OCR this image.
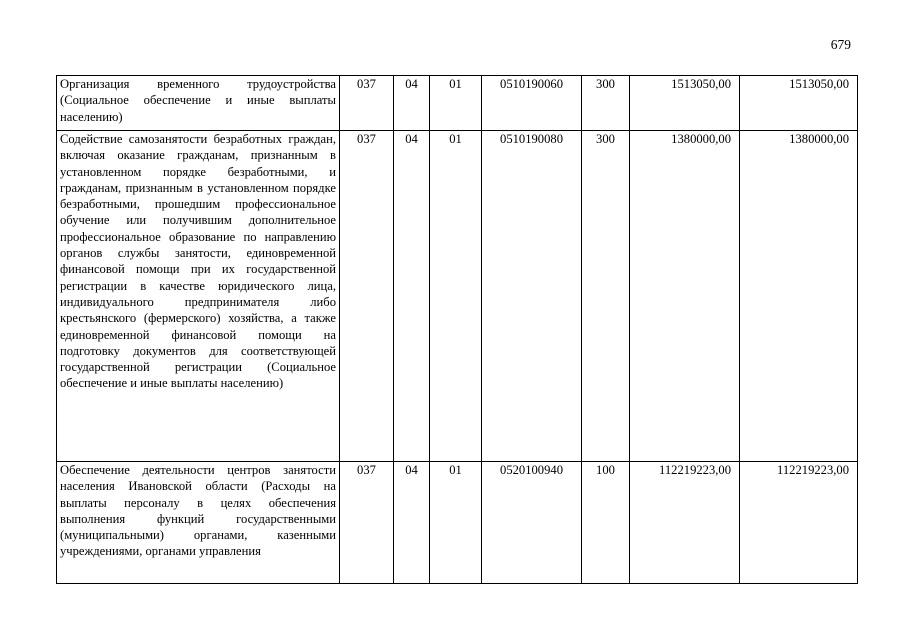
679
Организация временного трудоустройства (Социальное обеспечение и иные выплаты населению)	037	04	01	0510190060	300	1513050,00	1513050,00

Содействие самозанятости безработных граждан, включая оказание гражданам, признанным в установленном порядке безработными, и гражданам, признанным в установленном порядке безработными, прошедшим профессиональное обучение или получившим дополнительное профессиональное образование по направлению органов службы занятости, единовременной финансовой помощи при их государственной регистрации в качестве юридического лица, индивидуального предпринимателя либо крестьянского (фермерского) хозяйства, а также единовременной финансовой помощи на подготовку документов для соответствующей государственной регистрации (Социальное обеспечение и иные выплаты населению)	037	04	01	0510190080	300	1380000,00	1380000,00

Обеспечение деятельности центров занятости населения Ивановской области (Расходы на выплаты персоналу в целях обеспечения выполнения функций государственными (муниципальными) органами, казенными учреждениями, органами управления	037	04	01	0520100940	100	112219223,00	112219223,00
